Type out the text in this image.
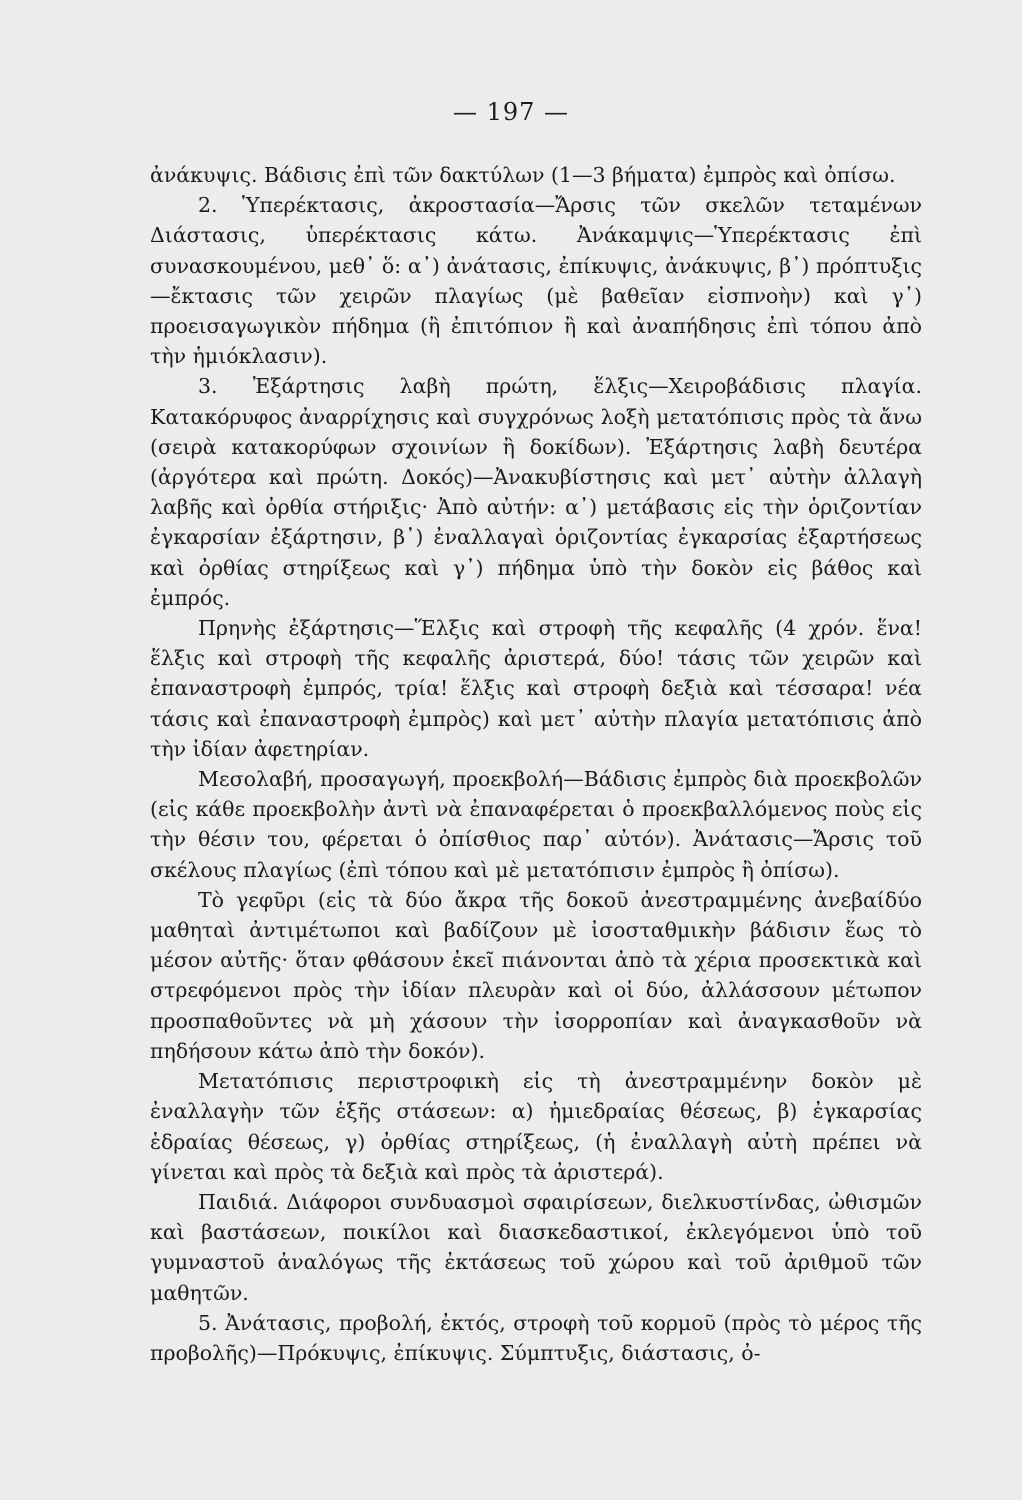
— 197 —

ἀνάκυψις. Βάδισις ἐπὶ τῶν δακτύλων (1—3 βήματα) ἐμπρὸς καὶ ὀπίσω.

2. Ὑπερέκτασις, ἀκροστασία—Ἄρσις τῶν σκελῶν τεταμένων Διάστασις, ὑπερέκτασις κάτω. Ἀνάκαμψις—Ὑπερέκτασις ἐπὶ συνασκουμένου, μεθ᾽ ὅ: α᾽) ἀνάτασις, ἐπίκυψις, ἀνάκυψις, β᾽) πρόπτυξις—ἔκτασις τῶν χειρῶν πλαγίως (μὲ βαθεῖαν εἰσπνοὴν) καὶ γ᾽) προεισαγωγικὸν πήδημα (ἢ ἐπιτόπιον ἢ καὶ ἀναπήδησις ἐπὶ τόπου ἀπὸ τὴν ἡμιόκλασιν).

3. Ἐξάρτησις λαβὴ πρώτη, ἕλξις—Χειροβάδισις πλαγία. Κατακόρυφος ἀναρρίχησις καὶ συγχρόνως λοξὴ μετατόπισις πρὸς τὰ ἄνω (σειρὰ κατακορύφων σχοινίων ἢ δοκίδων). Ἐξάρτησις λαβὴ δευτέρα (ἀργότερα καὶ πρώτη. Δοκός)—Ἀνακυβίστησις καὶ μετ᾽ αὐτὴν ἀλλαγὴ λαβῆς καὶ ὀρθία στήριξις· Ἀπὸ αὐτήν: α᾽) μετάβασις εἰς τὴν ὁριζοντίαν ἐγκαρσίαν ἐξάρτησιν, β᾽) ἐναλλαγαὶ ὁριζοντίας ἐγκαρσίας ἐξαρτήσεως καὶ ὀρθίας στηρίξεως καὶ γ᾽) πήδημα ὑπὸ τὴν δοκὸν εἰς βάθος καὶ ἐμπρός.

Πρηνὴς ἐξάρτησις—Ἕλξις καὶ στροφὴ τῆς κεφαλῆς (4 χρόν. ἕνα! ἕλξις καὶ στροφὴ τῆς κεφαλῆς ἀριστερά, δύο! τάσις τῶν χειρῶν καὶ ἐπαναστροφὴ ἐμπρός, τρία! ἕλξις καὶ στροφὴ δεξιὰ καὶ τέσσαρα! νέα τάσις καὶ ἐπαναστροφὴ ἐμπρὸς) καὶ μετ᾽ αὐτὴν πλαγία μετατόπισις ἀπὸ τὴν ἰδίαν ἀφετηρίαν.

Μεσολαβή, προσαγωγή, προεκβολή—Βάδισις ἐμπρὸς διὰ προεκβολῶν (εἰς κάθε προεκβολὴν ἀντὶ νὰ ἐπαναφέρεται ὁ προεκβαλλόμενος ποὺς εἰς τὴν θέσιν του, φέρεται ὁ ὀπίσθιος παρ᾽ αὐτόν). Ἀνάτασις—Ἄρσις τοῦ σκέλους πλαγίως (ἐπὶ τόπου καὶ μὲ μετατόπισιν ἐμπρὸς ἢ ὀπίσω).

Τὸ γεφῦρι (εἰς τὰ δύο ἄκρα τῆς δοκοῦ ἀνεστραμμένης ἀνεβαίδύο μαθηταὶ ἀντιμέτωποι καὶ βαδίζουν μὲ ἰσοσταθμικὴν βάδισιν ἕως τὸ μέσον αὐτῆς· ὅταν φθάσουν ἐκεῖ πιάνονται ἀπὸ τὰ χέρια προσεκτικὰ καὶ στρεφόμενοι πρὸς τὴν ἰδίαν πλευρὰν καὶ οἱ δύο, ἀλλάσσουν μέτωπον προσπαθοῦντες νὰ μὴ χάσουν τὴν ἰσορροπίαν καὶ ἀναγκασθοῦν νὰ πηδήσουν κάτω ἀπὸ τὴν δοκόν).

Μετατόπισις περιστροφικὴ εἰς τὴ ἀνεστραμμένην δοκὸν μὲ ἐναλλαγὴν τῶν ἑξῆς στάσεων: α) ἡμιεδραίας θέσεως, β) ἐγκαρσίας ἑδραίας θέσεως, γ) ὀρθίας στηρίξεως, (ἡ ἐναλλαγὴ αὐτὴ πρέπει νὰ γίνεται καὶ πρὸς τὰ δεξιὰ καὶ πρὸς τὰ ἀριστερά).

Παιδιά. Διάφοροι συνδυασμοὶ σφαιρίσεων, διελκυστίνδας, ὠθισμῶν καὶ βαστάσεων, ποικίλοι καὶ διασκεδαστικοί, ἐκλεγόμενοι ὑπὸ τοῦ γυμναστοῦ ἀναλόγως τῆς ἐκτάσεως τοῦ χώρου καὶ τοῦ ἀριθμοῦ τῶν μαθητῶν.

5. Ἀνάτασις, προβολή, ἐκτός, στροφὴ τοῦ κορμοῦ (πρὸς τὸ μέρος τῆς προβολῆς)—Πρόκυψις, ἐπίκυψις. Σύμπτυξις, διάστασις, ὀ-
